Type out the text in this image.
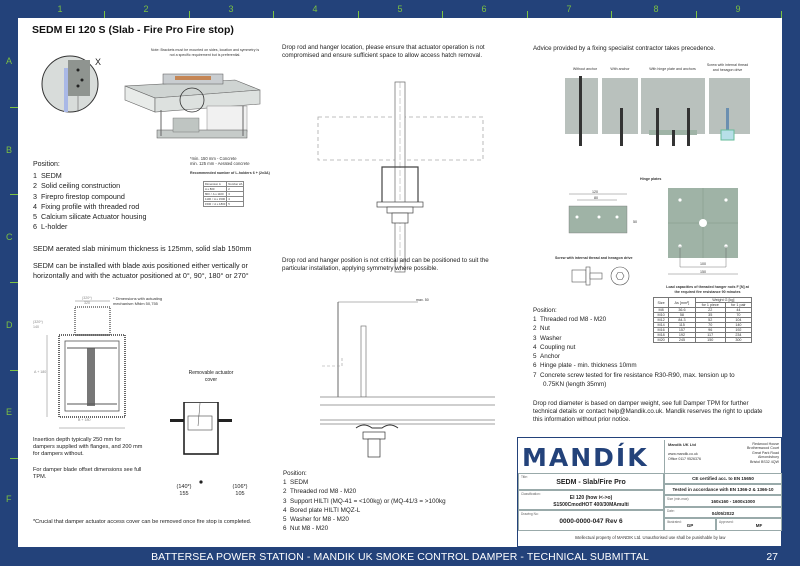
1	2	3	4	5	6	7	8	9
A
B
C
D
E
F
SEDM EI 120 S (Slab - Fire Pro Fire stop)
Note: Brackets must be mounted on sides, location and symmetry is not a specific requirement but is preferential.
X
Position:
1 SEDM
2 Solid ceiling construction
3 Firepro firestop compound
4 Fixing profile with threaded rod
5 Calcium silicate Actuator housing
6 L-holder
*min. 150 mm - Concrete
min. 125 mm - Aerated concrete
Recommended number of L-holders 6 + (2x3A)
Dimension A	Number 2A
A ≤ 800	2
800 < A ≤ 1100	3
1100 < A ≤ 1500	4
1500 < A ≤ 1800	5
SEDM aerated slab minimum thickness is 125mm, solid slab 150mm
SEDM can be installed with blade axis positioned either vertically or horizontally and with the actuator positioned at 0°, 90°, 180° or 270°
* Dimensions with actuating mechanism Mfdm 50,755
(320*)
320
(320*)
140
A + 180
B + 180
Removable actuator cover
(140*)
155
(106*)
105
Insertion depth typically 250 mm for dampers supplied with flanges, and 200 mm for dampers without.
For damper blade offset dimensions see full TPM.
*Crucial that damper actuator access cover can be removed once fire stop is completed.
Drop rod and hanger location, please ensure that actuator operation is not compromised and ensure sufficient space to allow access hatch removal.
Drop rod and hanger position is not critical and can be positioned to suit the particular installation, applying symmetry where possible.
max. 50
Position:
1 SEDM
2 Threaded rod M8 - M20
3 Support HILTI (MQ-41 = <100kg) or (MQ-41/3 = >100kg
4 Bored plate HILTI MQZ-L
5 Washer for M8 - M20
6 Nut M8 - M20
Advice provided by a fixing specialist contractor takes precedence.
Without anchor	With anchor	With hinge plate and anchors
Screw with internal thread and hexagon drive
Hinge plates
120
80
50
100
150
Screw with internal thread and hexagon drive
Load capacities of threaded hanger rods F [N] at the required fire resistance 90 minutes
Size	As [mm²]	Weight G [kg]	
		for 1 piece	for 1 pair
M8	36.6	22	44
M10	58	35	70
M12	84.3	52	104
M14	115	70	140
M16	157	96	192
M18	192	117	234
M20	245	150	300
Position:
1 Threaded rod M8 - M20
2 Nut
3 Washer
4 Coupling nut
5 Anchor
6 Hinge plate - min. thickness 10mm
7 Concrete screw tested for fire resistance R30-R90, max. tension up to 0.75KN (length 35mm)
Drop rod diameter is based on damper weight, see full Damper TPM for further technical details or contact help@Mandik.co.uk. Mandik reserves the right to update this information without prior notice.
MANDÍK	Mandik UK Ltd
www.mandik.co.uk
Office 0117 9526376
Redwood House
Brotherswood Court
Great Park Road
Almondsbury
Bristol BS32 4QW
CE certified acc. to EN 15650
Tested in accordance with EN 1366-2 & 1366-10
Title:
SEDM - Slab/Fire Pro
Classification:
EI 120 (how i<->o)
S1500CmodHOT 400/30MAmulti
Drawing No:
0000-0000-047 Rev 6
Size (min-max):	160x160 - 1600x1000
Date:	04/05/2022
Illustrated:
GP
Approved:
MF
Intellectual property of MANDIK Ltd. Unauthorised use shall be punishable by law
BATTERSEA POWER STATION - MANDIK UK SMOKE CONTROL DAMPER - TECHNICAL SUBMITTAL	27
